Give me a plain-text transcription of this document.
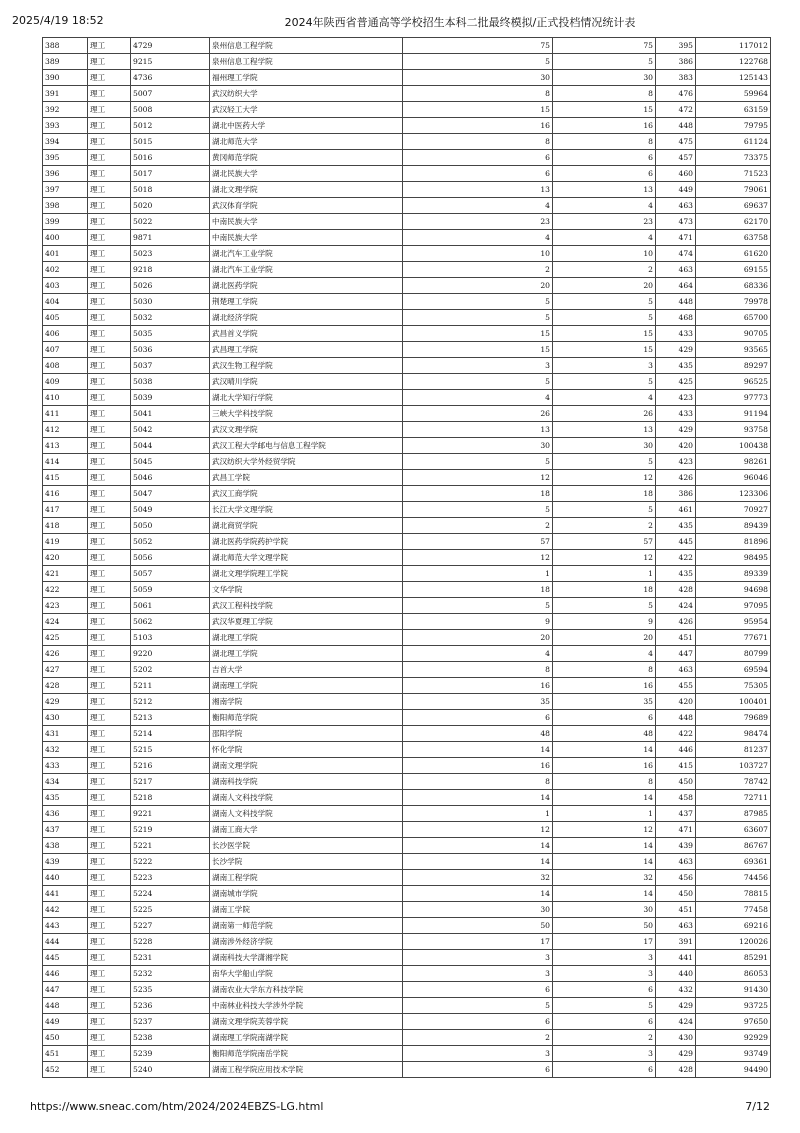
2025/4/19 18:52	2024年陕西省普通高等学校招生本科二批最终模拟/正式投档情况统计表
388	理工	4729	泉州信息工程学院	75	75	395	117012
389	理工	9215	泉州信息工程学院	5	5	386	122768
390	理工	4736	福州理工学院	30	30	383	125143
391	理工	5007	武汉纺织大学	8	8	476	59964
392	理工	5008	武汉轻工大学	15	15	472	63159
393	理工	5012	湖北中医药大学	16	16	448	79795
394	理工	5015	湖北师范大学	8	8	475	61124
395	理工	5016	黄冈师范学院	6	6	457	73375
396	理工	5017	湖北民族大学	6	6	460	71523
397	理工	5018	湖北文理学院	13	13	449	79061
398	理工	5020	武汉体育学院	4	4	463	69637
399	理工	5022	中南民族大学	23	23	473	62170
400	理工	9871	中南民族大学	4	4	471	63758
401	理工	5023	湖北汽车工业学院	10	10	474	61620
402	理工	9218	湖北汽车工业学院	2	2	463	69155
403	理工	5026	湖北医药学院	20	20	464	68336
404	理工	5030	荆楚理工学院	5	5	448	79978
405	理工	5032	湖北经济学院	5	5	468	65700
406	理工	5035	武昌首义学院	15	15	433	90705
407	理工	5036	武昌理工学院	15	15	429	93565
408	理工	5037	武汉生物工程学院	3	3	435	89297
409	理工	5038	武汉晴川学院	5	5	425	96525
410	理工	5039	湖北大学知行学院	4	4	423	97773
411	理工	5041	三峡大学科技学院	26	26	433	91194
412	理工	5042	武汉文理学院	13	13	429	93758
413	理工	5044	武汉工程大学邮电与信息工程学院	30	30	420	100438
414	理工	5045	武汉纺织大学外经贸学院	5	5	423	98261
415	理工	5046	武昌工学院	12	12	426	96046
416	理工	5047	武汉工商学院	18	18	386	123306
417	理工	5049	长江大学文理学院	5	5	461	70927
418	理工	5050	湖北商贸学院	2	2	435	89439
419	理工	5052	湖北医药学院药护学院	57	57	445	81896
420	理工	5056	湖北师范大学文理学院	12	12	422	98495
421	理工	5057	湖北文理学院理工学院	1	1	435	89339
422	理工	5059	文华学院	18	18	428	94698
423	理工	5061	武汉工程科技学院	5	5	424	97095
424	理工	5062	武汉华夏理工学院	9	9	426	95954
425	理工	5103	湖北理工学院	20	20	451	77671
426	理工	9220	湖北理工学院	4	4	447	80799
427	理工	5202	吉首大学	8	8	463	69594
428	理工	5211	湖南理工学院	16	16	455	75305
429	理工	5212	湘南学院	35	35	420	100401
430	理工	5213	衡阳师范学院	6	6	448	79689
431	理工	5214	邵阳学院	48	48	422	98474
432	理工	5215	怀化学院	14	14	446	81237
433	理工	5216	湖南文理学院	16	16	415	103727
434	理工	5217	湖南科技学院	8	8	450	78742
435	理工	5218	湖南人文科技学院	14	14	458	72711
436	理工	9221	湖南人文科技学院	1	1	437	87985
437	理工	5219	湖南工商大学	12	12	471	63607
438	理工	5221	长沙医学院	14	14	439	86767
439	理工	5222	长沙学院	14	14	463	69361
440	理工	5223	湖南工程学院	32	32	456	74456
441	理工	5224	湖南城市学院	14	14	450	78815
442	理工	5225	湖南工学院	30	30	451	77458
443	理工	5227	湖南第一师范学院	50	50	463	69216
444	理工	5228	湖南涉外经济学院	17	17	391	120026
445	理工	5231	湖南科技大学潇湘学院	3	3	441	85291
446	理工	5232	南华大学船山学院	3	3	440	86053
447	理工	5235	湖南农业大学东方科技学院	6	6	432	91430
448	理工	5236	中南林业科技大学涉外学院	5	5	429	93725
449	理工	5237	湖南文理学院芙蓉学院	6	6	424	97650
450	理工	5238	湖南理工学院南湖学院	2	2	430	92929
451	理工	5239	衡阳师范学院南岳学院	3	3	429	93749
452	理工	5240	湖南工程学院应用技术学院	6	6	428	94490
https://www.sneac.com/htm/2024/2024EBZS-LG.html	7/12
